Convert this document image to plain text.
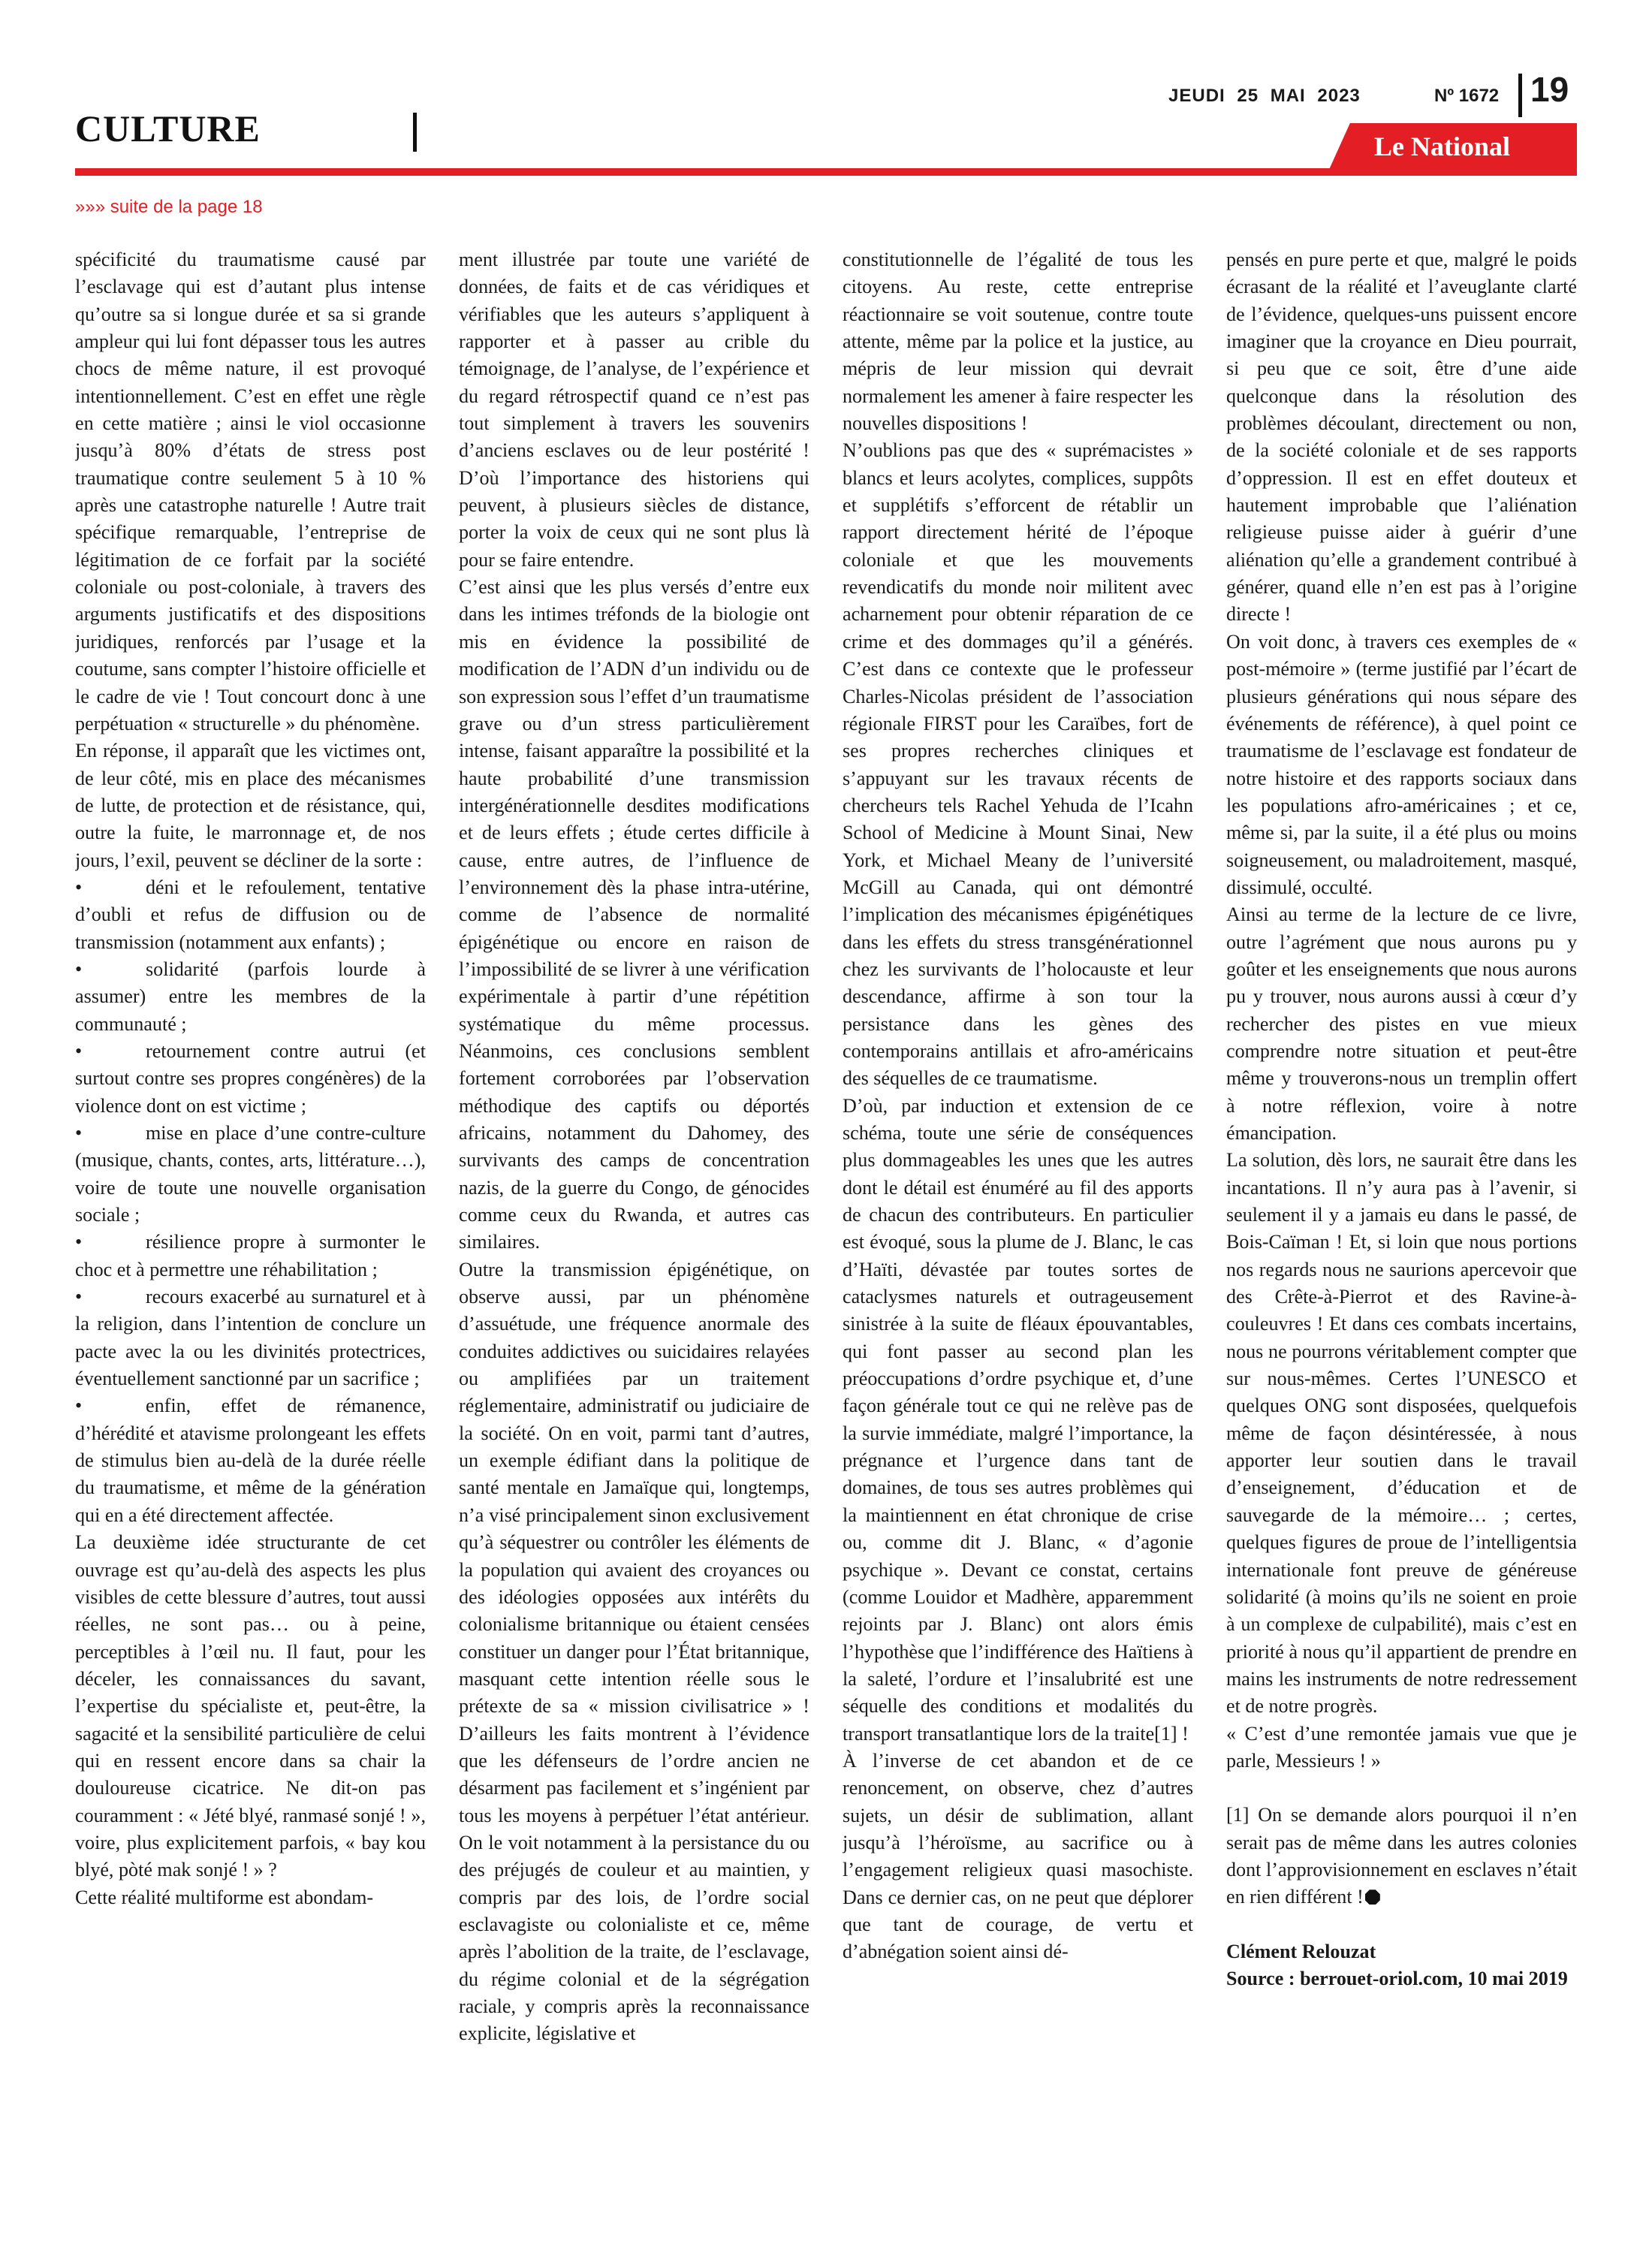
CULTURE
JEUDI 25 MAI 2023	Nº 1672 19
Le National
»»» suite de la page 18

spécificité du traumatisme causé par l’esclavage qui est d’autant plus intense qu’outre sa si longue durée et sa si grande ampleur qui lui font dépasser tous les autres chocs de même nature, il est provoqué intentionnellement. C’est en effet une règle en cette matière ; ainsi le viol occasionne jusqu’à 80% d’états de stress post traumatique contre seulement 5 à 10 % après une catastrophe naturelle ! Autre trait spécifique remarquable, l’entreprise de légitimation de ce forfait par la société coloniale ou post-coloniale, à travers des arguments justificatifs et des dispositions juridiques, renforcés par l’usage et la coutume, sans compter l’histoire officielle et le cadre de vie ! Tout concourt donc à une perpétuation « structurelle » du phénomène.

En réponse, il apparaît que les victimes ont, de leur côté, mis en place des mécanismes de lutte, de protection et de résistance, qui, outre la fuite, le marronnage et, de nos jours, l’exil, peuvent se décliner de la sorte :

• déni et le refoulement, tentative d’oubli et refus de diffusion ou de transmission (notamment aux enfants) ;

• solidarité (parfois lourde à assumer) entre les membres de la communauté ;

• retournement contre autrui (et surtout contre ses propres congénères) de la violence dont on est victime ;

• mise en place d’une contre-culture (musique, chants, contes, arts, littérature…), voire de toute une nouvelle organisation sociale ;

• résilience propre à surmonter le choc et à permettre une réhabilitation ;

• recours exacerbé au surnaturel et à la religion, dans l’intention de conclure un pacte avec la ou les divinités protectrices, éventuellement sanctionné par un sacrifice ;

• enfin, effet de rémanence, d’hérédité et atavisme prolongeant les effets de stimulus bien au-delà de la durée réelle du traumatisme, et même de la génération qui en a été directement affectée.

La deuxième idée structurante de cet ouvrage est qu’au-delà des aspects les plus visibles de cette blessure d’autres, tout aussi réelles, ne sont pas… ou à peine, perceptibles à l’œil nu. Il faut, pour les déceler, les connaissances du savant, l’expertise du spécialiste et, peut-être, la sagacité et la sensibilité particulière de celui qui en ressent encore dans sa chair la douloureuse cicatrice. Ne dit-on pas couramment : « Jété blyé, ranmasé sonjé ! », voire, plus explicitement parfois, « bay kou blyé, pòté mak sonjé ! » ?

Cette réalité multiforme est abondam-

ment illustrée par toute une variété de données, de faits et de cas véridiques et vérifiables que les auteurs s’appliquent à rapporter et à passer au crible du témoignage, de l’analyse, de l’expérience et du regard rétrospectif quand ce n’est pas tout simplement à travers les souvenirs d’anciens esclaves ou de leur postérité ! D’où l’importance des historiens qui peuvent, à plusieurs siècles de distance, porter la voix de ceux qui ne sont plus là pour se faire entendre.

C’est ainsi que les plus versés d’entre eux dans les intimes tréfonds de la biologie ont mis en évidence la possibilité de modification de l’ADN d’un individu ou de son expression sous l’effet d’un traumatisme grave ou d’un stress particulièrement intense, faisant apparaître la possibilité et la haute probabilité d’une transmission intergénérationnelle desdites modifications et de leurs effets ; étude certes difficile à cause, entre autres, de l’influence de l’environnement dès la phase intra-utérine, comme de l’absence de normalité épigénétique ou encore en raison de l’impossibilité de se livrer à une vérification expérimentale à partir d’une répétition systématique du même processus. Néanmoins, ces conclusions semblent fortement corroborées par l’observation méthodique des captifs ou déportés africains, notamment du Dahomey, des survivants des camps de concentration nazis, de la guerre du Congo, de génocides comme ceux du Rwanda, et autres cas similaires.

Outre la transmission épigénétique, on observe aussi, par un phénomène d’assuétude, une fréquence anormale des conduites addictives ou suicidaires relayées ou amplifiées par un traitement réglementaire, administratif ou judiciaire de la société. On en voit, parmi tant d’autres, un exemple édifiant dans la politique de santé mentale en Jamaïque qui, longtemps, n’a visé principalement sinon exclusivement qu’à séquestrer ou contrôler les éléments de la population qui avaient des croyances ou des idéologies opposées aux intérêts du colonialisme britannique ou étaient censées constituer un danger pour l’État britannique, masquant cette intention réelle sous le prétexte de sa « mission civilisatrice » ! D’ailleurs les faits montrent à l’évidence que les défenseurs de l’ordre ancien ne désarment pas facilement et s’ingénient par tous les moyens à perpétuer l’état antérieur. On le voit notamment à la persistance du ou des préjugés de couleur et au maintien, y compris par des lois, de l’ordre social esclavagiste ou colonialiste et ce, même après l’abolition de la traite, de l’esclavage, du régime colonial et de la ségrégation raciale, y compris après la reconnaissance explicite, législative et

constitutionnelle de l’égalité de tous les citoyens. Au reste, cette entreprise réactionnaire se voit soutenue, contre toute attente, même par la police et la justice, au mépris de leur mission qui devrait normalement les amener à faire respecter les nouvelles dispositions !

N’oublions pas que des « suprémacistes » blancs et leurs acolytes, complices, suppôts et supplétifs s’efforcent de rétablir un rapport directement hérité de l’époque coloniale et que les mouvements revendicatifs du monde noir militent avec acharnement pour obtenir réparation de ce crime et des dommages qu’il a générés. C’est dans ce contexte que le professeur Charles-Nicolas président de l’association régionale FIRST pour les Caraïbes, fort de ses propres recherches cliniques et s’appuyant sur les travaux récents de chercheurs tels Rachel Yehuda de l’Icahn School of Medicine à Mount Sinai, New York, et Michael Meany de l’université McGill au Canada, qui ont démontré l’implication des mécanismes épigénétiques dans les effets du stress transgénérationnel chez les survivants de l’holocauste et leur descendance, affirme à son tour la persistance dans les gènes des contemporains antillais et afro-américains des séquelles de ce traumatisme.

D’où, par induction et extension de ce schéma, toute une série de conséquences plus dommageables les unes que les autres dont le détail est énuméré au fil des apports de chacun des contributeurs. En particulier est évoqué, sous la plume de J. Blanc, le cas d’Haïti, dévastée par toutes sortes de cataclysmes naturels et outrageusement sinistrée à la suite de fléaux épouvantables, qui font passer au second plan les préoccupations d’ordre psychique et, d’une façon générale tout ce qui ne relève pas de la survie immédiate, malgré l’importance, la prégnance et l’urgence dans tant de domaines, de tous ses autres problèmes qui la maintiennent en état chronique de crise ou, comme dit J. Blanc, « d’agonie psychique ». Devant ce constat, certains (comme Louidor et Madhère, apparemment rejoints par J. Blanc) ont alors émis l’hypothèse que l’indifférence des Haïtiens à la saleté, l’ordure et l’insalubrité est une séquelle des conditions et modalités du transport transatlantique lors de la traite[1] !

À l’inverse de cet abandon et de ce renoncement, on observe, chez d’autres sujets, un désir de sublimation, allant jusqu’à l’héroïsme, au sacrifice ou à l’engagement religieux quasi masochiste. Dans ce dernier cas, on ne peut que déplorer que tant de courage, de vertu et d’abnégation soient ainsi dé-

pensés en pure perte et que, malgré le poids écrasant de la réalité et l’aveuglante clarté de l’évidence, quelques-uns puissent encore imaginer que la croyance en Dieu pourrait, si peu que ce soit, être d’une aide quelconque dans la résolution des problèmes découlant, directement ou non, de la société coloniale et de ses rapports d’oppression. Il est en effet douteux et hautement improbable que l’aliénation religieuse puisse aider à guérir d’une aliénation qu’elle a grandement contribué à générer, quand elle n’en est pas à l’origine directe !

On voit donc, à travers ces exemples de « post-mémoire » (terme justifié par l’écart de plusieurs générations qui nous sépare des événements de référence), à quel point ce traumatisme de l’esclavage est fondateur de notre histoire et des rapports sociaux dans les populations afro-américaines ; et ce, même si, par la suite, il a été plus ou moins soigneusement, ou maladroitement, masqué, dissimulé, occulté.

Ainsi au terme de la lecture de ce livre, outre l’agrément que nous aurons pu y goûter et les enseignements que nous aurons pu y trouver, nous aurons aussi à cœur d’y rechercher des pistes en vue mieux comprendre notre situation et peut-être même y trouverons-nous un tremplin offert à notre réflexion, voire à notre émancipation.

La solution, dès lors, ne saurait être dans les incantations. Il n’y aura pas à l’avenir, si seulement il y a jamais eu dans le passé, de Bois-Caïman ! Et, si loin que nous portions nos regards nous ne saurions apercevoir que des Crête-à-Pierrot et des Ravine-à-couleuvres ! Et dans ces combats incertains, nous ne pourrons véritablement compter que sur nous-mêmes. Certes l’UNESCO et quelques ONG sont disposées, quelquefois même de façon désintéressée, à nous apporter leur soutien dans le travail d’enseignement, d’éducation et de sauvegarde de la mémoire… ; certes, quelques figures de proue de l’intelligentsia internationale font preuve de généreuse solidarité (à moins qu’ils ne soient en proie à un complexe de culpabilité), mais c’est en priorité à nous qu’il appartient de prendre en mains les instruments de notre redressement et de notre progrès.

« C’est d’une remontée jamais vue que je parle, Messieurs ! »

[1] On se demande alors pourquoi il n’en serait pas de même dans les autres colonies dont l’approvisionnement en esclaves n’était en rien différent !

Clément Relouzat

Source : berrouet-oriol.com, 10 mai 2019
